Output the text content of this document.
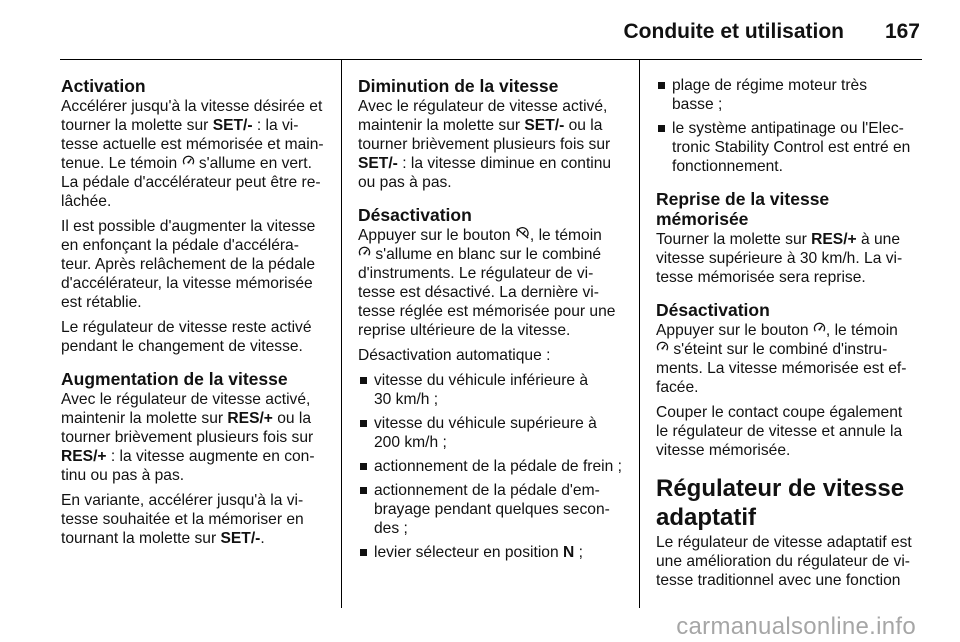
Conduite et utilisation 167
Activation

Accélérer jusqu'à la vitesse désirée et
tourner la molette sur SET/- : la vi-
tesse actuelle est mémorisée et main-
tenue. Le témoin  s'allume en vert.
La pédale d'accélérateur peut être re-
lâchée.

Il est possible d'augmenter la vitesse
en enfonçant la pédale d'accéléra-
teur. Après relâchement de la pédale
d'accélérateur, la vitesse mémorisée
est rétablie.

Le régulateur de vitesse reste activé
pendant le changement de vitesse.

Augmentation de la vitesse

Avec le régulateur de vitesse activé,
maintenir la molette sur RES/+ ou la
tourner brièvement plusieurs fois sur
RES/+ : la vitesse augmente en con-
tinu ou pas à pas.

En variante, accélérer jusqu'à la vi-
tesse souhaitée et la mémoriser en
tournant la molette sur SET/-.

Diminution de la vitesse

Avec le régulateur de vitesse activé,
maintenir la molette sur SET/- ou la
tourner brièvement plusieurs fois sur
SET/- : la vitesse diminue en continu
ou pas à pas.

Désactivation

Appuyer sur le bouton , le témoin
s'allume en blanc sur le combiné
d'instruments. Le régulateur de vi-
tesse est désactivé. La dernière vi-
tesse réglée est mémorisée pour une
reprise ultérieure de la vitesse.

Désactivation automatique :

vitesse du véhicule inférieure à
30 km/h ;
vitesse du véhicule supérieure à
200 km/h ;
actionnement de la pédale de frein ;
actionnement de la pédale d'em-
brayage pendant quelques secon-
des ;
levier sélecteur en position N ;
plage de régime moteur très
basse ;
le système antipatinage ou l'Elec-
tronic Stability Control est entré en
fonctionnement.
Reprise de la vitesse
mémorisée

Tourner la molette sur RES/+ à une
vitesse supérieure à 30 km/h. La vi-
tesse mémorisée sera reprise.

Désactivation

Appuyer sur le bouton , le témoin
s'éteint sur le combiné d'instru-
ments. La vitesse mémorisée est ef-
facée.

Couper le contact coupe également
le régulateur de vitesse et annule la
vitesse mémorisée.

Régulateur de vitesse
adaptatif

Le régulateur de vitesse adaptatif est
une amélioration du régulateur de vi-
tesse traditionnel avec une fonction

carmanualsonline.info
